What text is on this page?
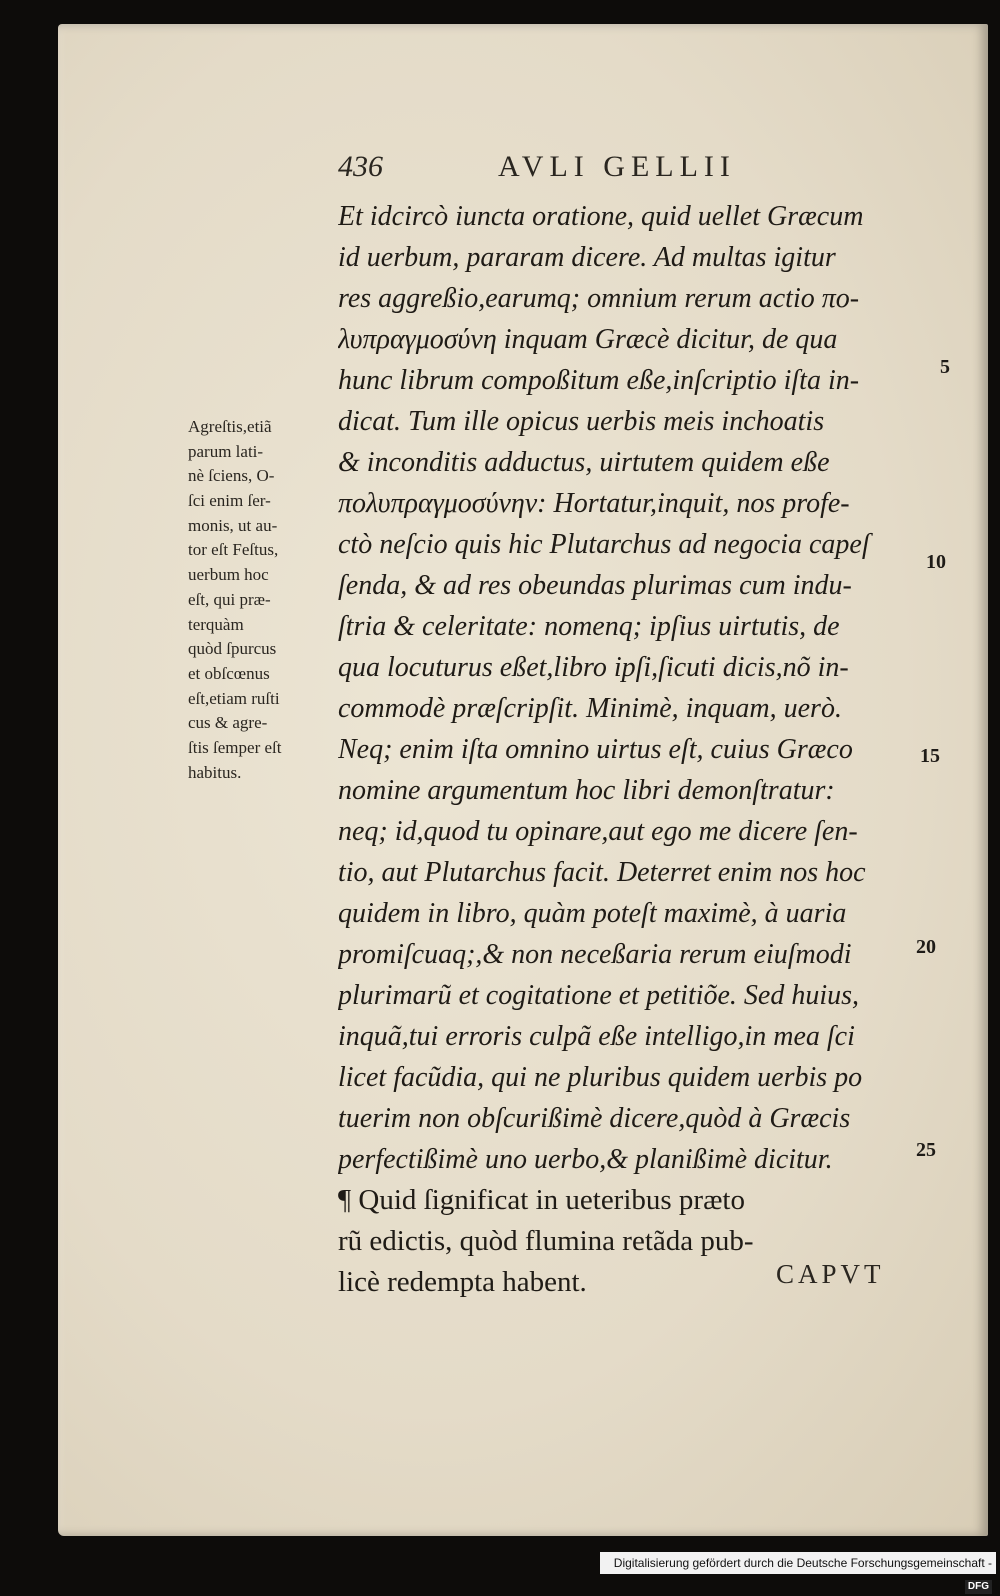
436	AVLI GELLII
Et idcircò iuncta oratione, quid uellet Græcum
id uerbum, pararam dicere. Ad multas igitur
res aggreßio,earumq; omnium rerum actio πο-
λυπραγμοσύνη inquam Græcè dicitur, de qua
hunc librum compoßitum eße,inſcriptio iſta in-
dicat. Tum ille opicus uerbis meis inchoatis
& inconditis adductus, uirtutem quidem eße
πολυπραγμοσύνην: Hortatur,inquit, nos profe-
ctò neſcio quis hic Plutarchus ad negocia capeſ
ſenda, & ad res obeundas plurimas cum indu-
ſtria & celeritate: nomenq; ipſius uirtutis, de
qua locuturus eßet,libro ipſi,ſicuti dicis,nõ in-
commodè præſcripſit. Minimè, inquam, uerò.
Neq; enim iſta omnino uirtus eſt, cuius Græco
nomine argumentum hoc libri demonſtratur:
neq; id,quod tu opinare,aut ego me dicere ſen-
tio, aut Plutarchus facit. Deterret enim nos hoc
quidem in libro, quàm poteſt maximè, à uaria
promiſcuaq;,& non neceßaria rerum eiuſmodi
plurimarũ et cogitatione et petitiõe. Sed huius,
inquã,tui erroris culpã eße intelligo,in mea ſci
licet facũdia, qui ne pluribus quidem uerbis po
tuerim non obſcurißimè dicere,quòd à Græcis
perfectißimè uno uerbo,& planißimè dicitur.
¶ Quid ſignificat in ueteribus præto
rũ edictis, quòd flumina retãda pub-
licè redempta habent.	CAPVT
Agreſtis,etiã
parum lati-
nè ſciens, O-
ſci enim ſer-
monis, ut au-
tor eſt Feſtus,
uerbum hoc
eſt, qui præ-
terquàm
quòd ſpurcus
et obſcœnus
eſt,etiam ruſti
cus & agre-
ſtis ſemper eſt
habitus.
5
10
15
20
25
Digitalisierung gefördert durch die Deutsche Forschungsgemeinschaft -DFG
